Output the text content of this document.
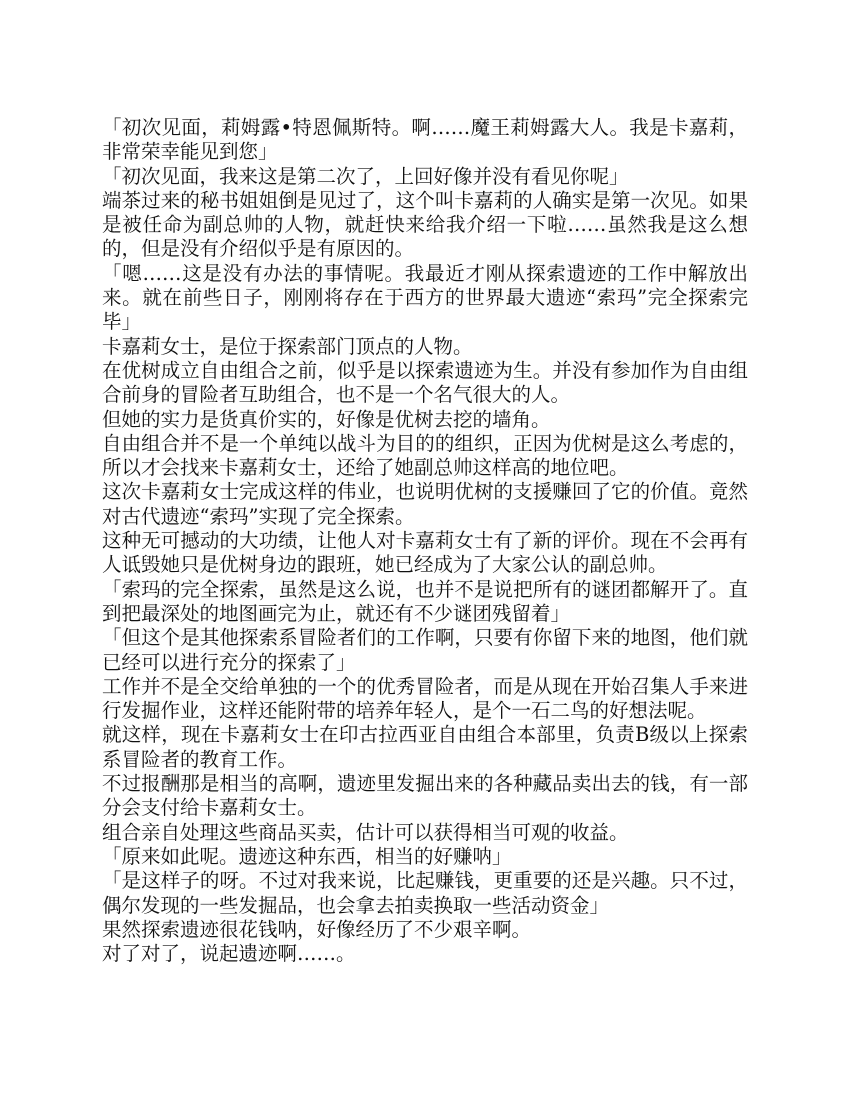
「初次见面，莉姆露•特恩佩斯特。啊……魔王莉姆露大人。我是卡嘉莉，非常荣幸能见到您」

「初次见面，我来这是第二次了，上回好像并没有看见你呢」

端茶过来的秘书姐姐倒是见过了，这个叫卡嘉莉的人确实是第一次见。如果是被任命为副总帅的人物，就赶快来给我介绍一下啦……虽然我是这么想的，但是没有介绍似乎是有原因的。

「嗯……这是没有办法的事情呢。我最近才刚从探索遗迹的工作中解放出来。就在前些日子，刚刚将存在于西方的世界最大遗迹“索玛”完全探索完毕」

卡嘉莉女士，是位于探索部门顶点的人物。

在优树成立自由组合之前，似乎是以探索遗迹为生。并没有参加作为自由组合前身的冒险者互助组合，也不是一个名气很大的人。

但她的实力是货真价实的，好像是优树去挖的墙角。

自由组合并不是一个单纯以战斗为目的的组织，正因为优树是这么考虑的，所以才会找来卡嘉莉女士，还给了她副总帅这样高的地位吧。

这次卡嘉莉女士完成这样的伟业，也说明优树的支援赚回了它的价值。竟然对古代遗迹“索玛”实现了完全探索。

这种无可撼动的大功绩，让他人对卡嘉莉女士有了新的评价。现在不会再有人诋毁她只是优树身边的跟班，她已经成为了大家公认的副总帅。

「索玛的完全探索，虽然是这么说，也并不是说把所有的谜团都解开了。直到把最深处的地图画完为止，就还有不少谜团残留着」

「但这个是其他探索系冒险者们的工作啊，只要有你留下来的地图，他们就已经可以进行充分的探索了」

工作并不是全交给单独的一个的优秀冒险者，而是从现在开始召集人手来进行发掘作业，这样还能附带的培养年轻人，是个一石二鸟的好想法呢。

就这样，现在卡嘉莉女士在印古拉西亚自由组合本部里，负责B级以上探索系冒险者的教育工作。

不过报酬那是相当的高啊，遗迹里发掘出来的各种藏品卖出去的钱，有一部分会支付给卡嘉莉女士。

组合亲自处理这些商品买卖，估计可以获得相当可观的收益。

「原来如此呢。遗迹这种东西，相当的好赚呐」

「是这样子的呀。不过对我来说，比起赚钱，更重要的还是兴趣。只不过，偶尔发现的一些发掘品，也会拿去拍卖换取一些活动资金」

果然探索遗迹很花钱呐，好像经历了不少艰辛啊。

对了对了，说起遗迹啊……。
